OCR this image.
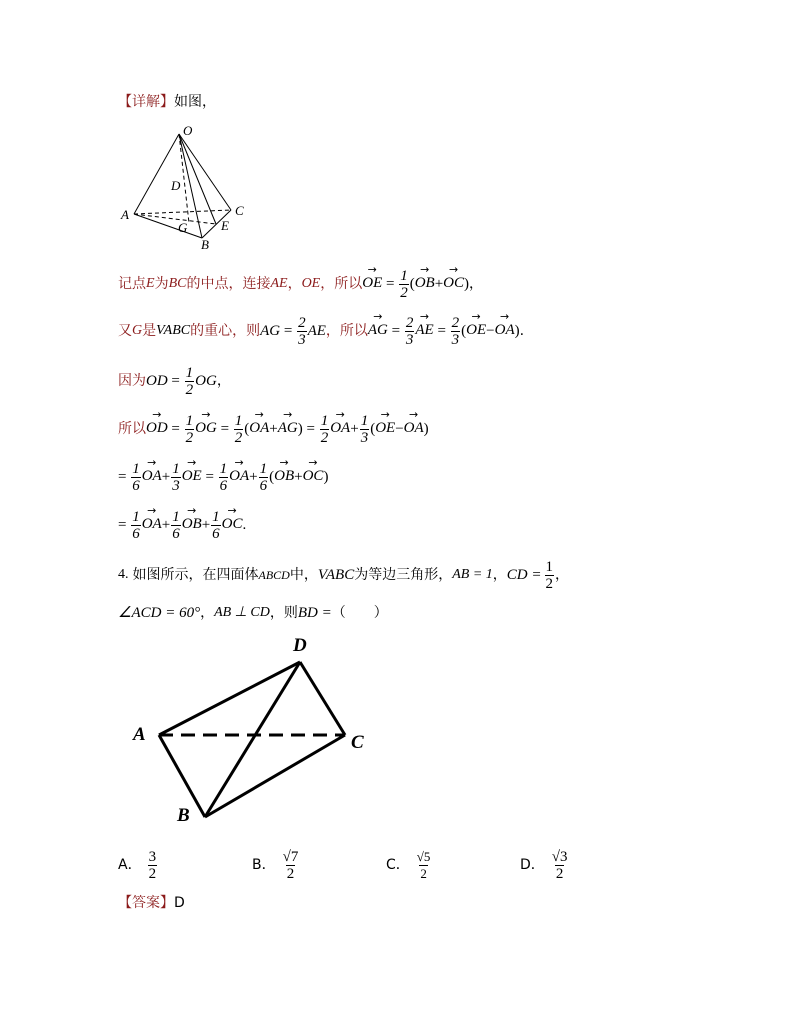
【详解】如图，
O
D
A	C
G	E
B
记点 E 为 BC 的中点，连接 AE ， OE ，所以
→ OE = $\frac{1}{2}$ (→ OB+→ OC) ，
又 G 是 VABC 的重心，则 AG = $\frac{2}{3}$ AE ，所以
→ AG = $\frac{2}{3}$
→ AE = $\frac{2}{3}$ (→ OE−→ OA) .
因为 OD = $\frac{1}{2}$ OG ，
所以
→ OD = $\frac{1}{2}$
→ OG = $\frac{1}{2}$ (→ $OA+\to AG) = \frac{1}{2}$
→ $OA+ \frac{1}{3}$ (→ OE−→ OA)
= $\frac{1}{6}$
→ $OA+ \frac{1}{3}$
→ OE = $\frac{1}{6}$
→ $OA+ \frac{1}{6}$ (→ OB+→ OC)
= $\frac{1}{6}$
→ $OA+ \frac{1}{6}$
→ $OB+ \frac{1}{6}$
→ OC.
4. 如图所示，在四面体 ABCD 中， VABC 为等边三角形， AB = 1 ， CD = $\frac{1}{2}$ ，
∠ACD = 60° ， AB ⊥ CD ，则 BD = （　　）
D
A	C
B
A． $\frac{3}{2}$	B． $\frac{√7}{2}$	C． $\frac{√5}{2}$	D． $\frac{√3}{2}$
【答案】D
